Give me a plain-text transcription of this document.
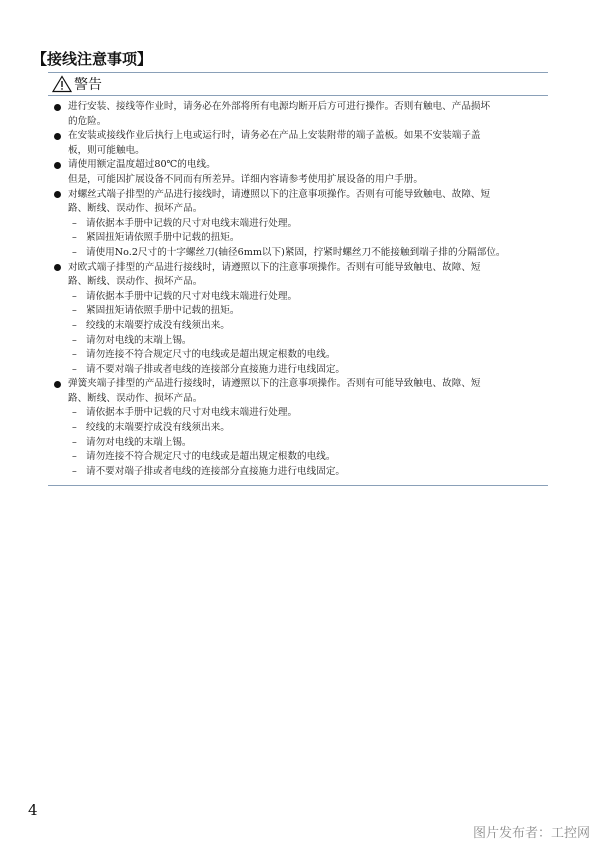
【接线注意事项】
警告
进行安装、接线等作业时，请务必在外部将所有电源均断开后方可进行操作。否则有触电、产品损坏
的危险。
在安装或接线作业后执行上电或运行时，请务必在产品上安装附带的端子盖板。如果不安装端子盖
板，则可能触电。
请使用额定温度超过80℃的电线。
但是，可能因扩展设备不同而有所差异。详细内容请参考使用扩展设备的用户手册。
对螺丝式端子排型的产品进行接线时，请遵照以下的注意事项操作。否则有可能导致触电、故障、短
路、断线、误动作、损坏产品。
– 请依据本手册中记载的尺寸对电线末端进行处理。
– 紧固扭矩请依照手册中记载的扭矩。
– 请使用No.2尺寸的十字螺丝刀(轴径6mm以下)紧固，拧紧时螺丝刀不能接触到端子排的分隔部位。
对欧式端子排型的产品进行接线时，请遵照以下的注意事项操作。否则有可能导致触电、故障、短
路、断线、误动作、损坏产品。
– 请依据本手册中记载的尺寸对电线末端进行处理。
– 紧固扭矩请依照手册中记载的扭矩。
– 绞线的末端要拧成没有线须出来。
– 请勿对电线的末端上锡。
– 请勿连接不符合规定尺寸的电线或是超出规定根数的电线。
– 请不要对端子排或者电线的连接部分直接施力进行电线固定。
弹簧夹端子排型的产品进行接线时，请遵照以下的注意事项操作。否则有可能导致触电、故障、短
路、断线、误动作、损坏产品。
– 请依据本手册中记载的尺寸对电线末端进行处理。
– 绞线的末端要拧成没有线须出来。
– 请勿对电线的末端上锡。
– 请勿连接不符合规定尺寸的电线或是超出规定根数的电线。
– 请不要对端子排或者电线的连接部分直接施力进行电线固定。
4
图片发布者：工控网
